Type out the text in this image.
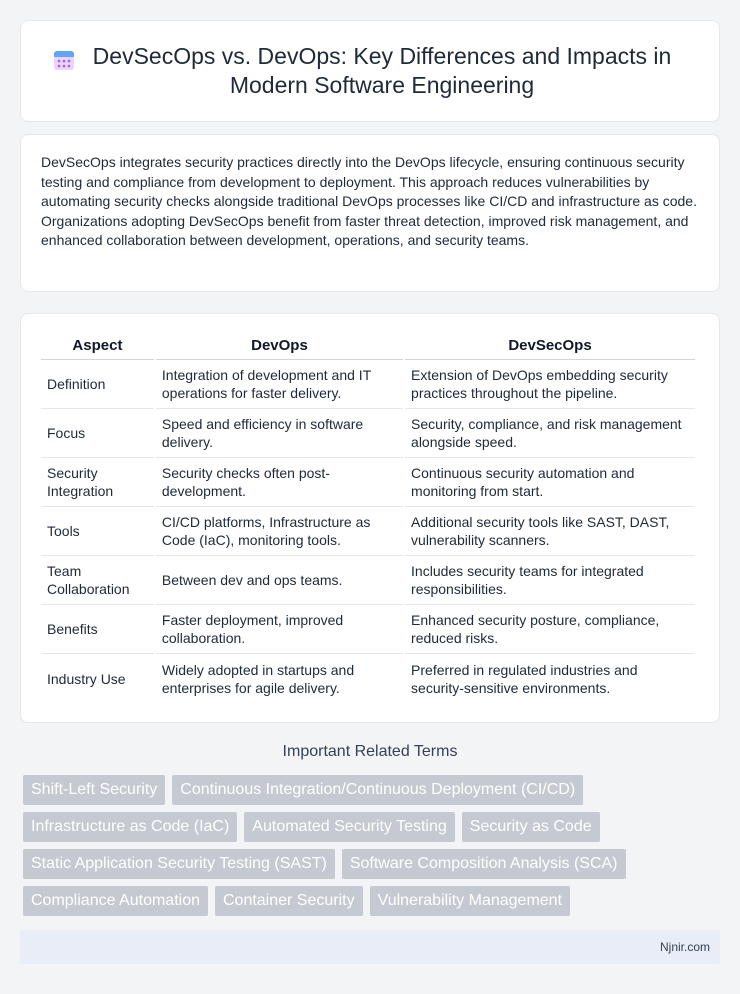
DevSecOps vs. DevOps: Key Differences and Impacts in Modern Software Engineering

DevSecOps integrates security practices directly into the DevOps lifecycle, ensuring continuous security testing and compliance from development to deployment. This approach reduces vulnerabilities by automating security checks alongside traditional DevOps processes like CI/CD and infrastructure as code. Organizations adopting DevSecOps benefit from faster threat detection, improved risk management, and enhanced collaboration between development, operations, and security teams.

Aspect	DevOps	DevSecOps
Definition	Integration of development and IT operations for faster delivery.	Extension of DevOps embedding security practices throughout the pipeline.
Focus	Speed and efficiency in software delivery.	Security, compliance, and risk management alongside speed.
Security Integration	Security checks often post-development.	Continuous security automation and monitoring from start.
Tools	CI/CD platforms, Infrastructure as Code (IaC), monitoring tools.	Additional security tools like SAST, DAST, vulnerability scanners.
Team Collaboration	Between dev and ops teams.	Includes security teams for integrated responsibilities.
Benefits	Faster deployment, improved collaboration.	Enhanced security posture, compliance, reduced risks.
Industry Use	Widely adopted in startups and enterprises for agile delivery.	Preferred in regulated industries and security-sensitive environments.
Important Related Terms
Shift-Left Security	Continuous Integration/Continuous Deployment (CI/CD)
Infrastructure as Code (IaC)	Automated Security Testing	Security as Code
Static Application Security Testing (SAST)	Software Composition Analysis (SCA)
Compliance Automation	Container Security	Vulnerability Management
Njnir.com
